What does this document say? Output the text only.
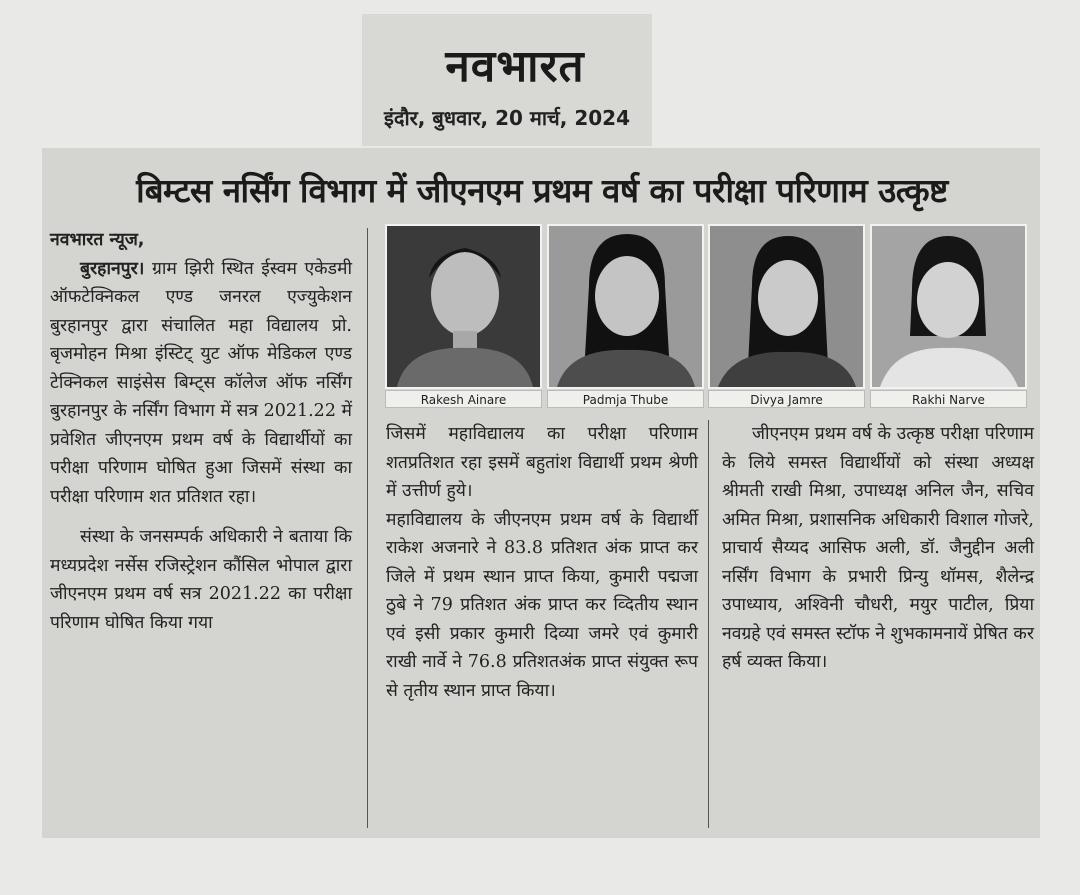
नवभारत
इंदौर, बुधवार, 20 मार्च, 2024
बिम्टस नर्सिंग विभाग में जीएनएम प्रथम वर्ष का परीक्षा परिणाम उत्कृष्ट

नवभारत न्यूज,

बुरहानपुर। ग्राम झिरी स्थित ईस्वम एकेडमी ऑफटेक्निकल एण्ड जनरल एज्युकेशन बुरहानपुर द्वारा संचालित महा विद्यालय प्रो. बृजमोहन मिश्रा इंस्टिट् युट ऑफ मेडिकल एण्ड टेक्निकल साइंसेस बिम्ट्स कॉलेज ऑफ नर्सिंग बुरहानपुर के नर्सिंग विभाग में सत्र 2021.22 में प्रवेशित जीएनएम प्रथम वर्ष के विद्यार्थीयों का परीक्षा परिणाम घोषित हुआ जिसमें संस्था का परीक्षा परिणाम शत प्रतिशत रहा।

संस्था के जनसम्पर्क अधिकारी ने बताया कि मध्यप्रदेश नर्सेस रजिस्ट्रेशन कौंसिल भोपाल द्वारा जीएनएम प्रथम वर्ष सत्र 2021.22 का परीक्षा परिणाम घोषित किया गया

Rakesh Ainare	Padmja Thube	Divya Jamre	Rakhi Narve

जिसमें महाविद्यालय का परीक्षा परिणाम शतप्रतिशत रहा इसमें बहुतांश विद्यार्थी प्रथम श्रेणी में उत्तीर्ण हुये।

महाविद्यालय के जीएनएम प्रथम वर्ष के विद्यार्थी राकेश अजनारे ने 83.8 प्रतिशत अंक प्राप्त कर जिले में प्रथम स्थान प्राप्त किया, कुमारी पद्मजा ठुबे ने 79 प्रतिशत अंक प्राप्त कर व्दितीय स्थान एवं इसी प्रकार कुमारी दिव्या जमरे एवं कुमारी राखी नार्वे ने 76.8 प्रतिशतअंक प्राप्त संयुक्त रूप से तृतीय स्थान प्राप्त किया।

जीएनएम प्रथम वर्ष के उत्कृष्ठ परीक्षा परिणाम के लिये समस्त विद्यार्थीयों को संस्था अध्यक्ष श्रीमती राखी मिश्रा, उपाध्यक्ष अनिल जैन, सचिव अमित मिश्रा, प्रशासनिक अधिकारी विशाल गोजरे, प्राचार्य सैय्यद आसिफ अली, डॉ. जैनुद्दीन अली नर्सिंग विभाग के प्रभारी प्रिन्यु थॉमस, शैलेन्द्र उपाध्याय, अश्विनी चौधरी, मयुर पाटील, प्रिया नवग्रहे एवं समस्त स्टॉफ ने शुभकामनायें प्रेषित कर हर्ष व्यक्त किया।
